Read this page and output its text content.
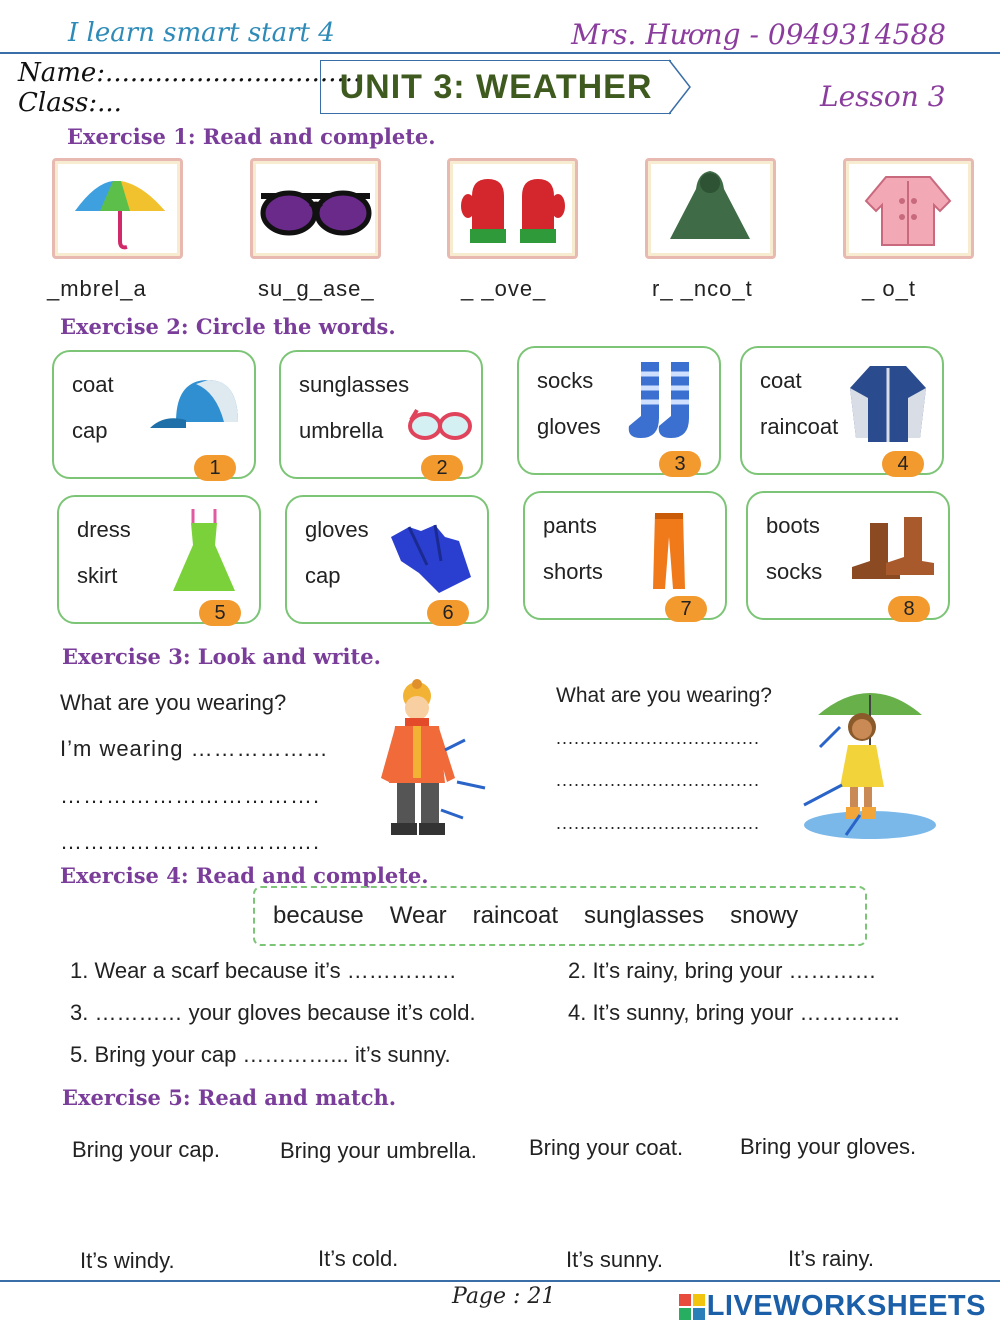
I learn smart start 4	Mrs. Hương - 0949314588
Name:...............................
Class:...	UNIT 3: WEATHER	Lesson 3
Exercise 1: Read and complete.
_mbrel_a	su_g_ase_	_ _ove_	r_ _nco_t	_ o_t
Exercise 2: Circle the words.
coat
cap
1
sunglasses
umbrella
2
socks
gloves
3
coat
raincoat
4
dress
skirt
5
gloves
cap
6
pants
shorts
7
boots
socks
8
Exercise 3: Look and write.
What are you wearing?
I’m wearing ………………
…………………………….
…………………………….
What are you wearing?
..................................
..................................
..................................
Exercise 4: Read and complete.
because Wear raincoat sunglasses snowy
1. Wear a scarf because it’s ……………	2. It’s rainy, bring your …………
3. ………… your gloves because it’s cold.	4. It’s sunny, bring your …………..
5. Bring your cap …………... it’s sunny.
Exercise 5: Read and match.
Bring your cap.	Bring your umbrella. Bring your coat.	Bring your gloves.
It’s windy.	It’s cold.	It’s sunny.	It’s rainy.
Page : 21	LIVEWORKSHEETS
